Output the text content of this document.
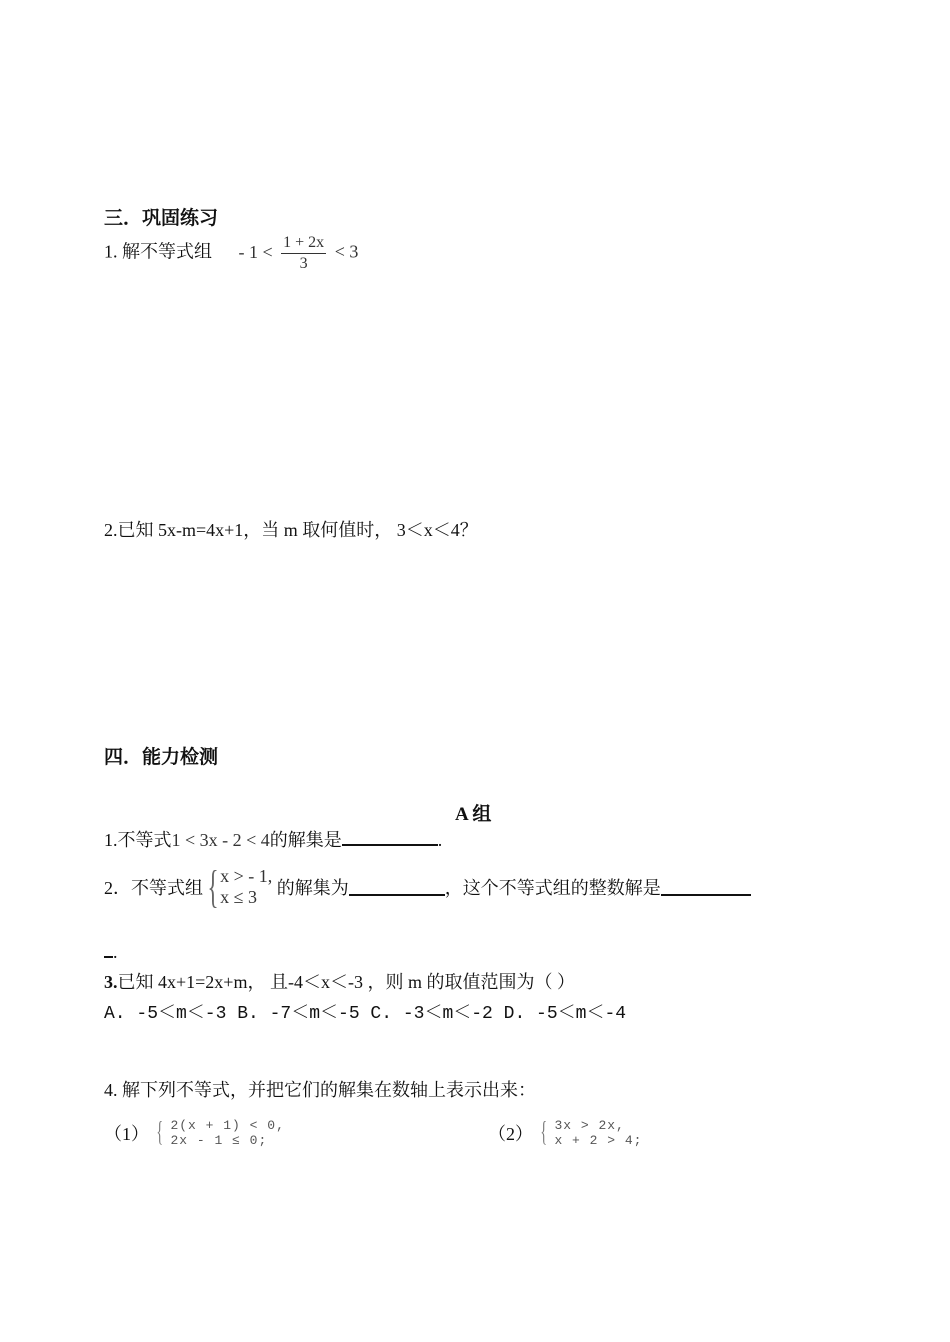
三．巩固练习
1. 解不等式组 - $1 < \frac{1 + 2x}{3} < 3$
2.已知 5x-m=4x+1，当 m 取何值时， 3＜x＜4？
四．能力检测
A 组
1.不等式1 < 3x - 2 < 4的解集是	.
2．不等式组 { x > - 1,
x ≤ 3	的解集为	，这个不等式组的整数解是
.
3.已知 4x+1=2x+m， 且-4＜x＜-3 ，则 m 的取值范围为（ ）
A. -5＜m＜-3 B. -7＜m＜-5 C. -3＜m＜-2 D. -5＜m＜-4
4. 解下列不等式，并把它们的解集在数轴上表示出来：
（1） { 2(x + 1) < 0,
2x - 1 ≤ 0;	（2） { 3x > 2x,
x + 2 > 4;
